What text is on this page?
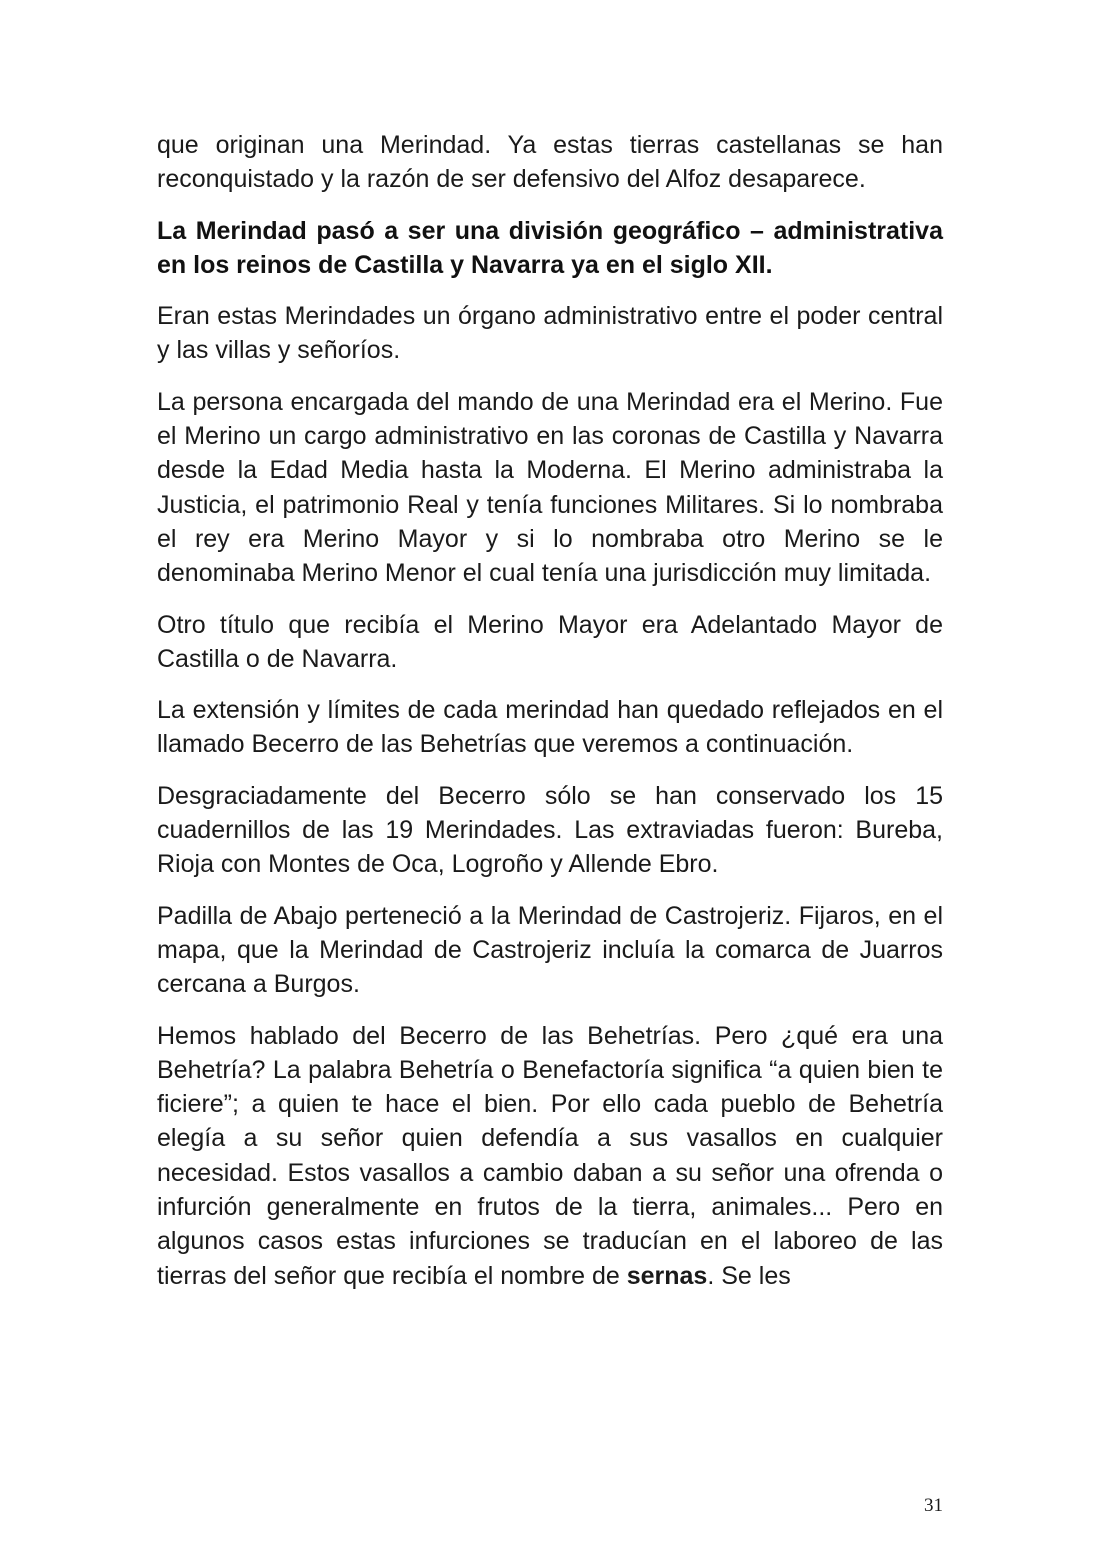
que originan una Merindad. Ya estas tierras castellanas se han reconquistado y la razón de ser defensivo del Alfoz desaparece.

La Merindad pasó a ser una división geográfico – administrativa en los reinos de Castilla y Navarra ya en el siglo XII.

Eran estas Merindades un órgano administrativo entre el poder central y las villas y señoríos.

La persona encargada del mando de una Merindad era el Merino. Fue el Merino un cargo administrativo en las coronas de Castilla y Navarra desde la Edad Media hasta la Moderna. El Merino administraba la Justicia, el patrimonio Real y tenía funciones Militares. Si lo nombraba el rey era Merino Mayor y si lo nombraba otro Merino se le denominaba Merino Menor el cual tenía una jurisdicción muy limitada.

Otro título que recibía el Merino Mayor era Adelantado Mayor de Castilla o de Navarra.

La extensión y límites de cada merindad han quedado reflejados en el llamado Becerro de las Behetrías que veremos a continuación.

Desgraciadamente del Becerro sólo se han conservado los 15 cuadernillos de las 19 Merindades. Las extraviadas fueron: Bureba, Rioja con Montes de Oca, Logroño y Allende Ebro.

Padilla de Abajo perteneció a la Merindad de Castrojeriz. Fijaros, en el mapa, que la Merindad de Castrojeriz incluía la comarca de Juarros cercana a Burgos.

Hemos hablado del Becerro de las Behetrías. Pero ¿qué era una Behetría? La palabra Behetría o Benefactoría significa “a quien bien te ficiere”; a quien te hace el bien. Por ello cada pueblo de Behetría elegía a su señor quien defendía a sus vasallos en cualquier necesidad. Estos vasallos a cambio daban a su señor una ofrenda o infurción generalmente en frutos de la tierra, animales... Pero en algunos casos estas infurciones se traducían en el laboreo de las tierras del señor que recibía el nombre de sernas. Se les

31
